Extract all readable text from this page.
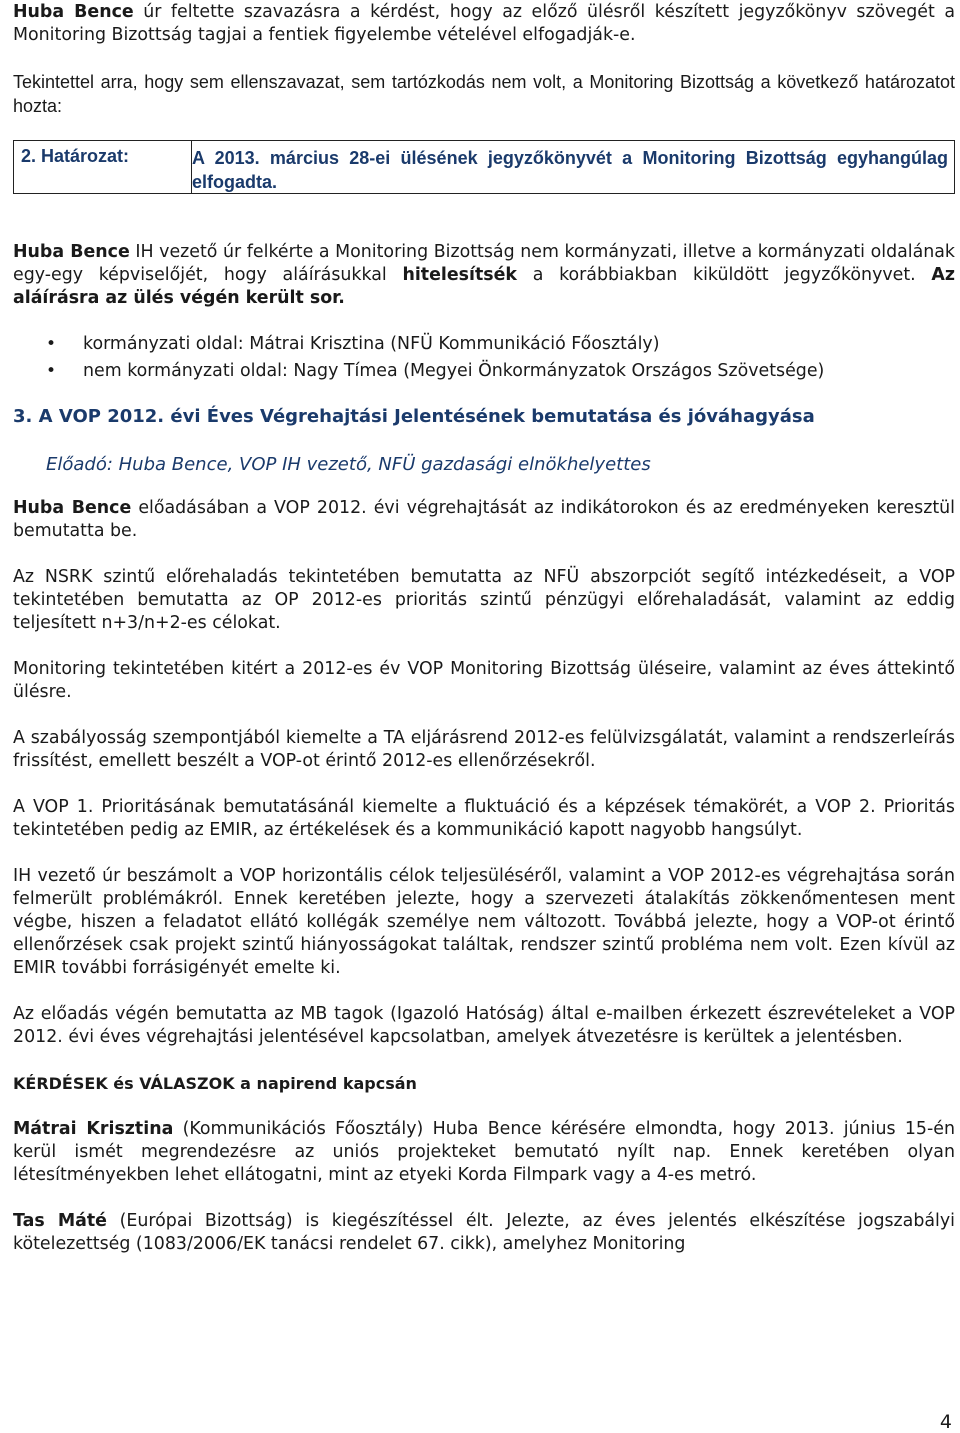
Huba Bence úr feltette szavazásra a kérdést, hogy az előző ülésről készített jegyzőkönyv szövegét a Monitoring Bizottság tagjai a fentiek figyelembe vételével elfogadják-e.

Tekintettel arra, hogy sem ellenszavazat, sem tartózkodás nem volt, a Monitoring Bizottság a következő határozatot hozta:

2. Határozat:	A 2013. március 28-ei ülésének jegyzőkönyvét a Monitoring Bizottság egyhangúlag elfogadta.

Huba Bence IH vezető úr felkérte a Monitoring Bizottság nem kormányzati, illetve a kormányzati oldalának egy-egy képviselőjét, hogy aláírásukkal hitelesítsék a korábbiakban kiküldött jegyzőkönyvet. Az aláírásra az ülés végén került sor.

• kormányzati oldal: Mátrai Krisztina (NFÜ Kommunikáció Főosztály)
• nem kormányzati oldal: Nagy Tímea (Megyei Önkormányzatok Országos Szövetsége)
3. A VOP 2012. évi Éves Végrehajtási Jelentésének bemutatása és jóváhagyása
Előadó: Huba Bence, VOP IH vezető, NFÜ gazdasági elnökhelyettes

Huba Bence előadásában a VOP 2012. évi végrehajtását az indikátorokon és az eredményeken keresztül bemutatta be.

Az NSRK szintű előrehaladás tekintetében bemutatta az NFÜ abszorpciót segítő intézkedéseit, a VOP tekintetében bemutatta az OP 2012-es prioritás szintű pénzügyi előrehaladását, valamint az eddig teljesített n+3/n+2-es célokat.

Monitoring tekintetében kitért a 2012-es év VOP Monitoring Bizottság üléseire, valamint az éves áttekintő ülésre.

A szabályosság szempontjából kiemelte a TA eljárásrend 2012-es felülvizsgálatát, valamint a rendszerleírás frissítést, emellett beszélt a VOP-ot érintő 2012-es ellenőrzésekről.

A VOP 1. Prioritásának bemutatásánál kiemelte a fluktuáció és a képzések témakörét, a VOP 2. Prioritás tekintetében pedig az EMIR, az értékelések és a kommunikáció kapott nagyobb hangsúlyt.

IH vezető úr beszámolt a VOP horizontális célok teljesüléséről, valamint a VOP 2012-es végrehajtása során felmerült problémákról. Ennek keretében jelezte, hogy a szervezeti átalakítás zökkenőmentesen ment végbe, hiszen a feladatot ellátó kollégák személye nem változott. Továbbá jelezte, hogy a VOP-ot érintő ellenőrzések csak projekt szintű hiányosságokat találtak, rendszer szintű probléma nem volt. Ezen kívül az EMIR további forrásigényét emelte ki.

Az előadás végén bemutatta az MB tagok (Igazoló Hatóság) által e-mailben érkezett észrevételeket a VOP 2012. évi éves végrehajtási jelentésével kapcsolatban, amelyek átvezetésre is kerültek a jelentésben.

KÉRDÉSEK és VÁLASZOK a napirend kapcsán

Mátrai Krisztina (Kommunikációs Főosztály) Huba Bence kérésére elmondta, hogy 2013. június 15-én kerül ismét megrendezésre az uniós projekteket bemutató nyílt nap. Ennek keretében olyan létesítményekben lehet ellátogatni, mint az etyeki Korda Filmpark vagy a 4-es metró.

Tas Máté (Európai Bizottság) is kiegészítéssel élt. Jelezte, az éves jelentés elkészítése jogszabályi kötelezettség (1083/2006/EK tanácsi rendelet 67. cikk), amelyhez Monitoring

4
